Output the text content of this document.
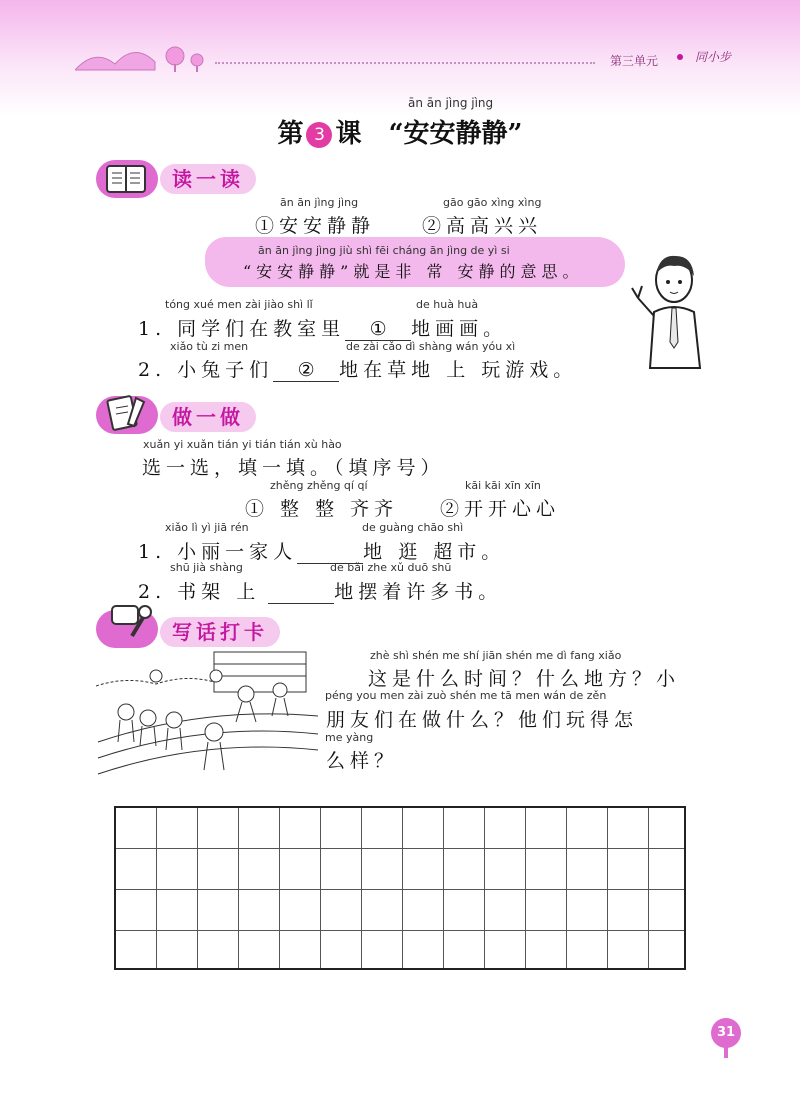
第三单元	同小步
ān ān jìng jìng
第 3 课 “安安静静”
读一读
ān ān jìng jìng
①安安静静
gāo gāo xìng xìng
②高高兴兴
ān ān jìng jìng jiù shì fēi cháng ān jìng de yì si
“安安静静”就是非 常 安静的意思。
tóng xué men zài jiào shì lǐ	de huà huà
1. 同学们在教室里 ① 地画画。
xiǎo tù zi men	de zài cǎo dì shàng wán yóu xì
2. 小兔子们 ② 地在草地 上 玩游戏。
做一做
xuǎn yi xuǎn tián yi tián tián xù hào
选一选，填一填。（填序号）
zhěng zhěng qí qí
① 整 整 齐齐
kāi kāi xīn xīn
②开开心心
xiǎo lì yì jiā rén	de guàng chāo shì
1. 小丽一家人	地 逛 超市。
shū jià shàng	de bǎi zhe xǔ duō shū
2. 书架 上	地摆着许多书。
写话打卡
zhè shì shén me shí jiān shén me dì fang xiǎo
这是什么时间？什么地方？小
péng you men zài zuò shén me tā men wán de zěn
朋友们在做什么？他们玩得怎
me yàng
么样？
31
